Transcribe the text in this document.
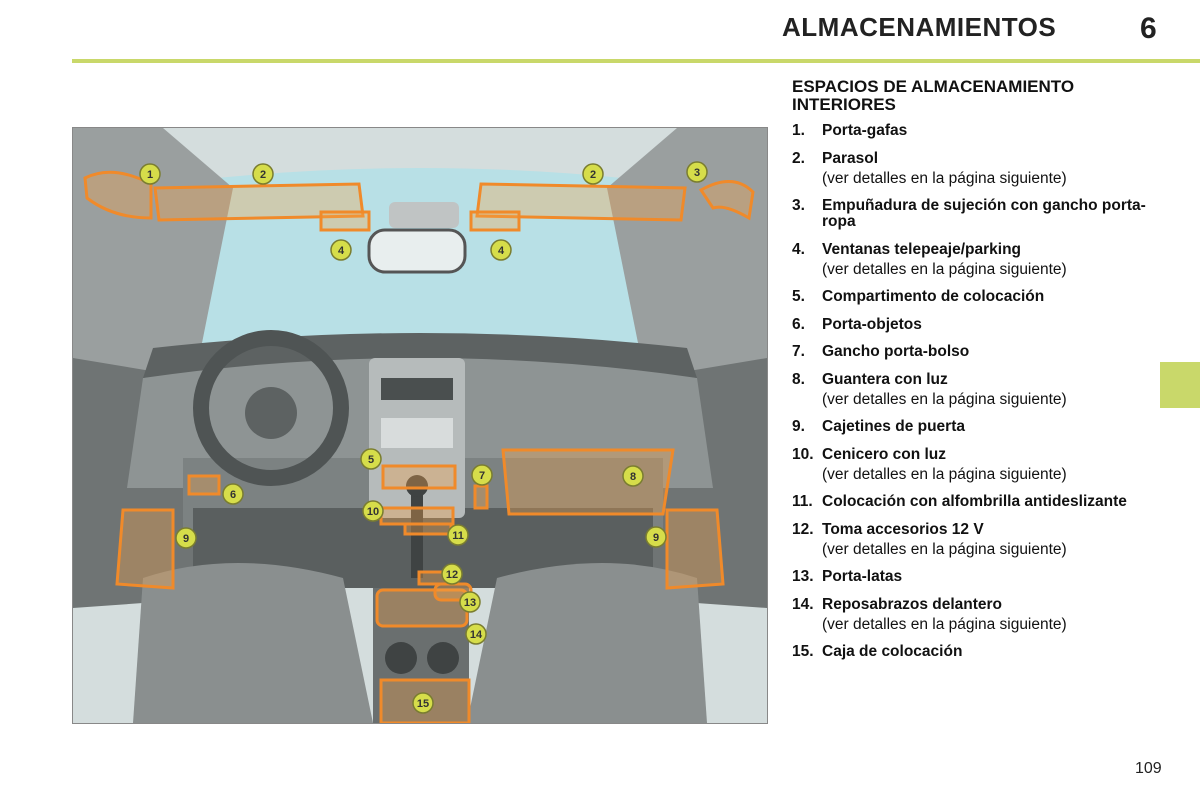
ALMACENAMIENTOS	6
1	2	2	3
4	4
5
6
7	8
9	9
10
11
12
13
14
15
ESPACIOS DE ALMACENAMIENTO INTERIORES
1.	Porta-gafas
2.	Parasol
(ver detalles en la página siguiente)
3.	Empuñadura de sujeción con gancho porta-ropa
4.	Ventanas telepeaje/parking
(ver detalles en la página siguiente)
5.	Compartimento de colocación
6.	Porta-objetos
7.	Gancho porta-bolso
8.	Guantera con luz
(ver detalles en la página siguiente)
9.	Cajetines de puerta
10. Cenicero con luz
(ver detalles en la página siguiente)
11. Colocación con alfombrilla antideslizante
12. Toma accesorios 12 V
(ver detalles en la página siguiente)
13. Porta-latas
14. Reposabrazos delantero
(ver detalles en la página siguiente)
15. Caja de colocación
109
